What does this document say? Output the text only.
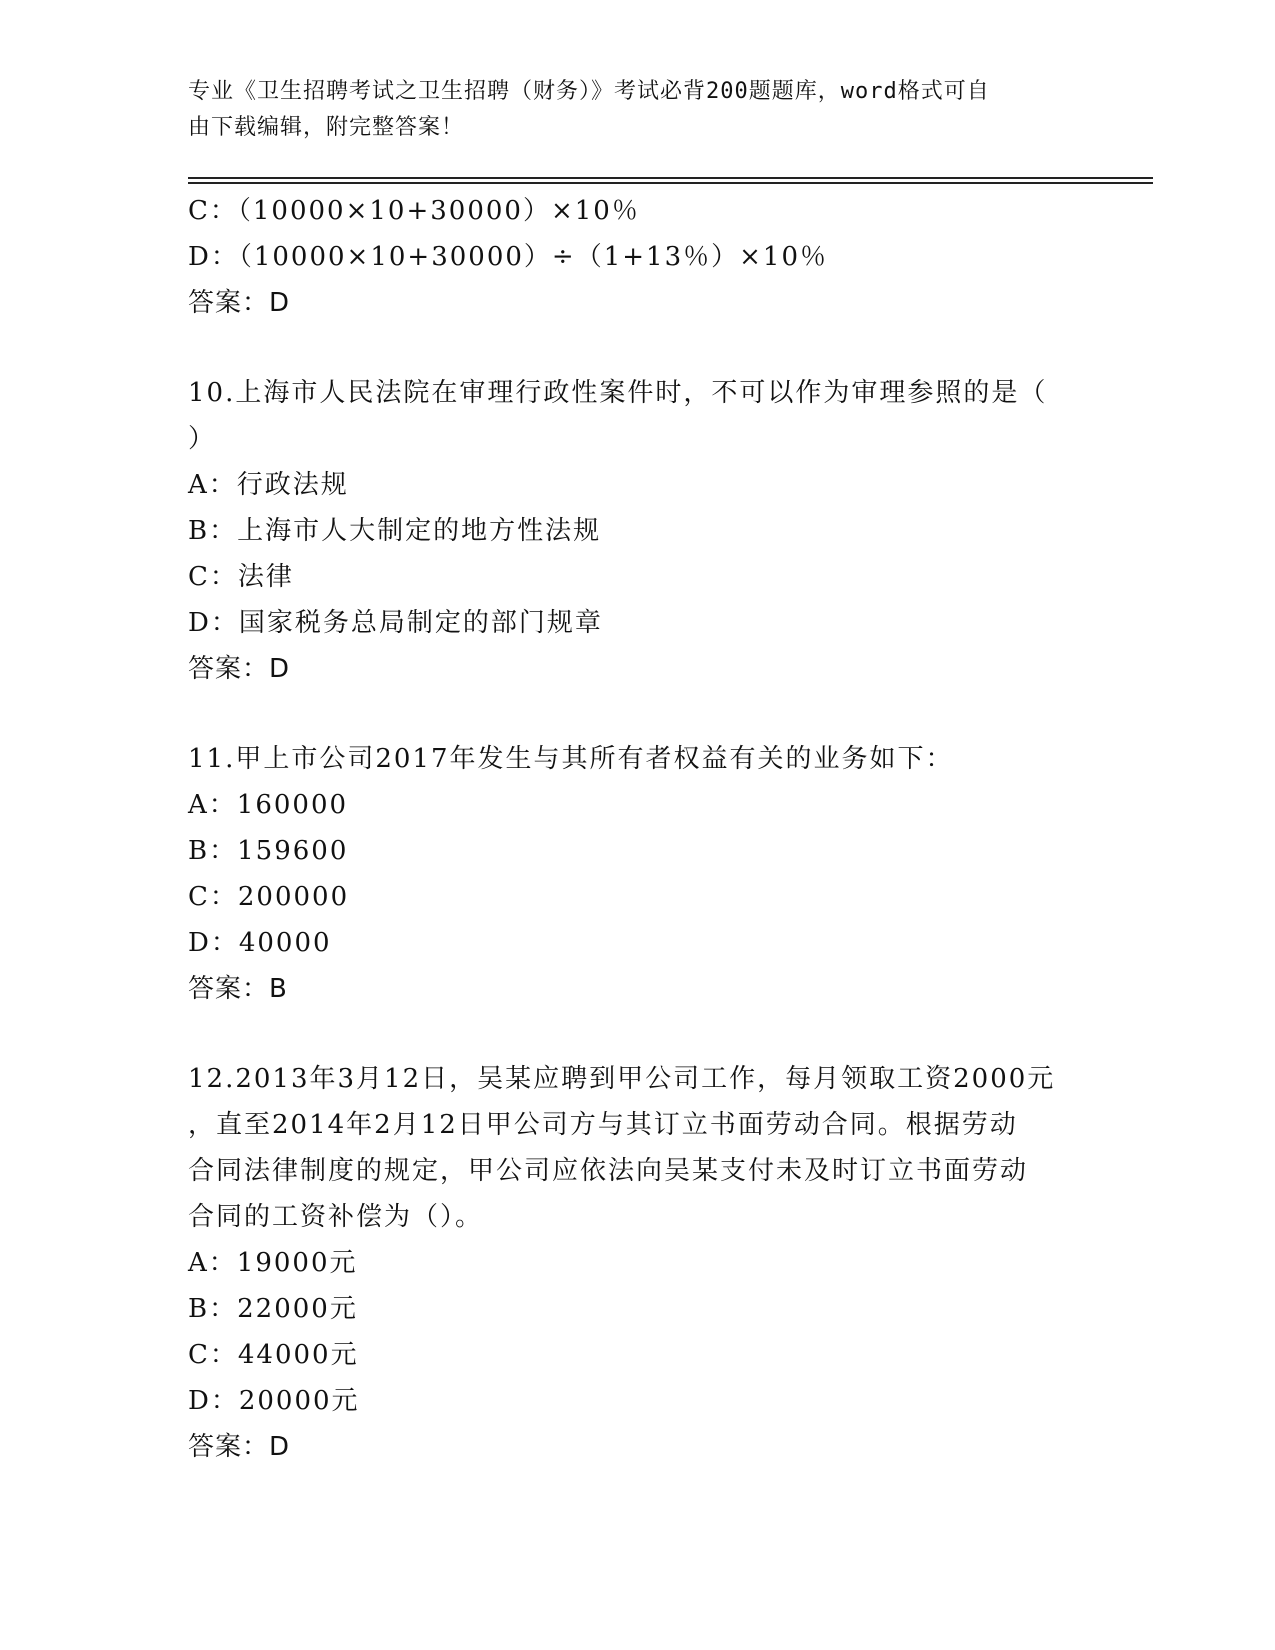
专业《卫生招聘考试之卫生招聘（财务）》考试必背200题题库，word格式可自
由下载编辑，附完整答案！
C：（10000×10+30000）×10％
D：（10000×10+30000）÷（1+13％）×10％
答案：D
10.上海市人民法院在审理行政性案件时，不可以作为审理参照的是（
）
A：行政法规
B：上海市人大制定的地方性法规
C：法律
D：国家税务总局制定的部门规章
答案：D
11.甲上市公司2017年发生与其所有者权益有关的业务如下：
A：160000
B：159600
C：200000
D：40000
答案：B
12.2013年3月12日，吴某应聘到甲公司工作，每月领取工资2000元
，直至2014年2月12日甲公司方与其订立书面劳动合同。根据劳动
合同法律制度的规定，甲公司应依法向吴某支付未及时订立书面劳动
合同的工资补偿为（）。
A：19000元
B：22000元
C：44000元
D：20000元
答案：D
